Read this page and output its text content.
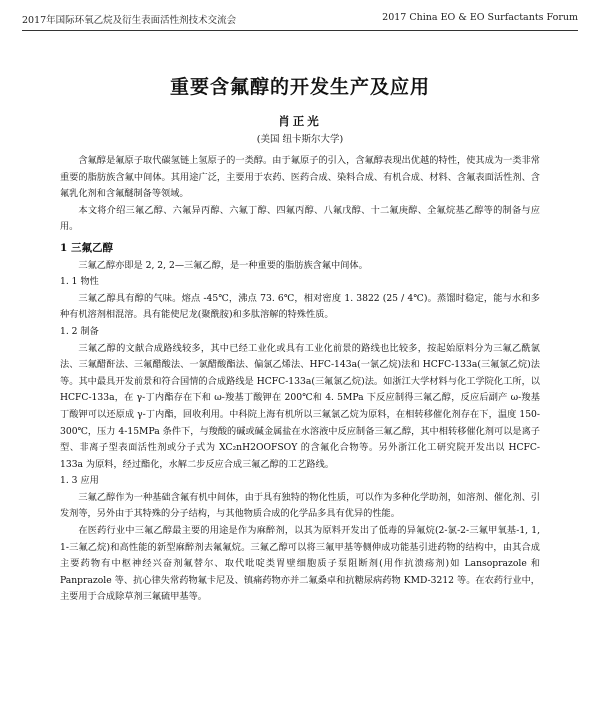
2017年国际环氧乙烷及衍生表面活性剂技术交流会	2017 China EO & EO Surfactants Forum
重要含氟醇的开发生产及应用
肖正光
(美国 纽卡斯尔大学)

含氟醇是氟原子取代碳氢链上氢原子的一类醇。由于氟原子的引入，含氟醇表现出优越的特性，使其成为一类非常重要的脂肪族含氟中间体。其用途广泛，主要用于农药、医药合成、染料合成、有机合成、材料、含氟表面活性剂、含氟乳化剂和含氟醚制备等领域。

本文将介绍三氟乙醇、六氟异丙醇、六氟丁醇、四氟丙醇、八氟戊醇、十二氟庚醇、全氟烷基乙醇等的制备与应用。

1 三氟乙醇

三氟乙醇亦即是 2, 2, 2—三氟乙醇，是一种重要的脂肪族含氟中间体。

1. 1 物性

三氟乙醇具有醇的气味。熔点 -45℃，沸点 73. 6℃，相对密度 1. 3822 (25 / 4℃)。蒸馏时稳定，能与水和多种有机溶剂相混溶。具有能使尼龙(聚酰胺)和多肽溶解的特殊性质。

1. 2 制备

三氟乙醇的文献合成路线较多，其中已经工业化或具有工业化前景的路线也比较多，按起始原料分为三氟乙酰氯法、三氟醋酐法、三氟醋酸法、一氯醋酸酯法、偏氯乙烯法、HFC-143a(一氯乙烷)法和 HCFC-133a(三氟氯乙烷)法等。其中最具开发前景和符合国情的合成路线是 HCFC-133a(三氟氯乙烷)法。如浙江大学材料与化工学院化工所，以 HCFC-133a，在 γ-丁内酯存在下和 ω-羧基丁酸钾在 200℃和 4. 5MPa 下反应制得三氟乙醇，反应后副产 ω-羧基丁酸钾可以还原成 γ-丁内酯，回收利用。中科院上海有机所以三氟氯乙烷为原料，在相转移催化剂存在下，温度 150-300℃，压力 4-15MPa 条件下，与羧酸的碱或碱金属盐在水溶液中反应制备三氟乙醇，其中相转移催化剂可以是离子型、非离子型表面活性剂或分子式为 XC₂nH2OOFSOY 的含氟化合物等。另外浙江化工研究院开发出以 HCFC-133a 为原料，经过酯化，水解二步反应合成三氟乙醇的工艺路线。

1. 3 应用

三氟乙醇作为一种基础含氟有机中间体，由于具有独特的物化性质，可以作为多种化学助剂，如溶剂、催化剂、引发剂等，另外由于其特殊的分子结构，与其他物质合成的化学品多具有优异的性能。

在医药行业中三氟乙醇最主要的用途是作为麻醉剂，以其为原料开发出了低毒的异氟烷(2-氯-2-三氟甲氧基-1, 1, 1-三氟乙烷)和高性能的新型麻醉剂去氟氟烷。三氟乙醇可以将三氟甲基等侧伸成功能基引进药物的结构中，由其合成主要药物有中枢神经兴奋剂氟替尔、取代吡啶类胃壁细胞质子泵阻断剂(用作抗溃疡剂)如 Lansoprazole 和 Panprazole 等、抗心律失常药物氟卡尼及、镇痛药物亦并二氟桑卓和抗糖尿病药物 KMD-3212 等。在农药行业中，主要用于合成除草剂三氟硫甲基等。
